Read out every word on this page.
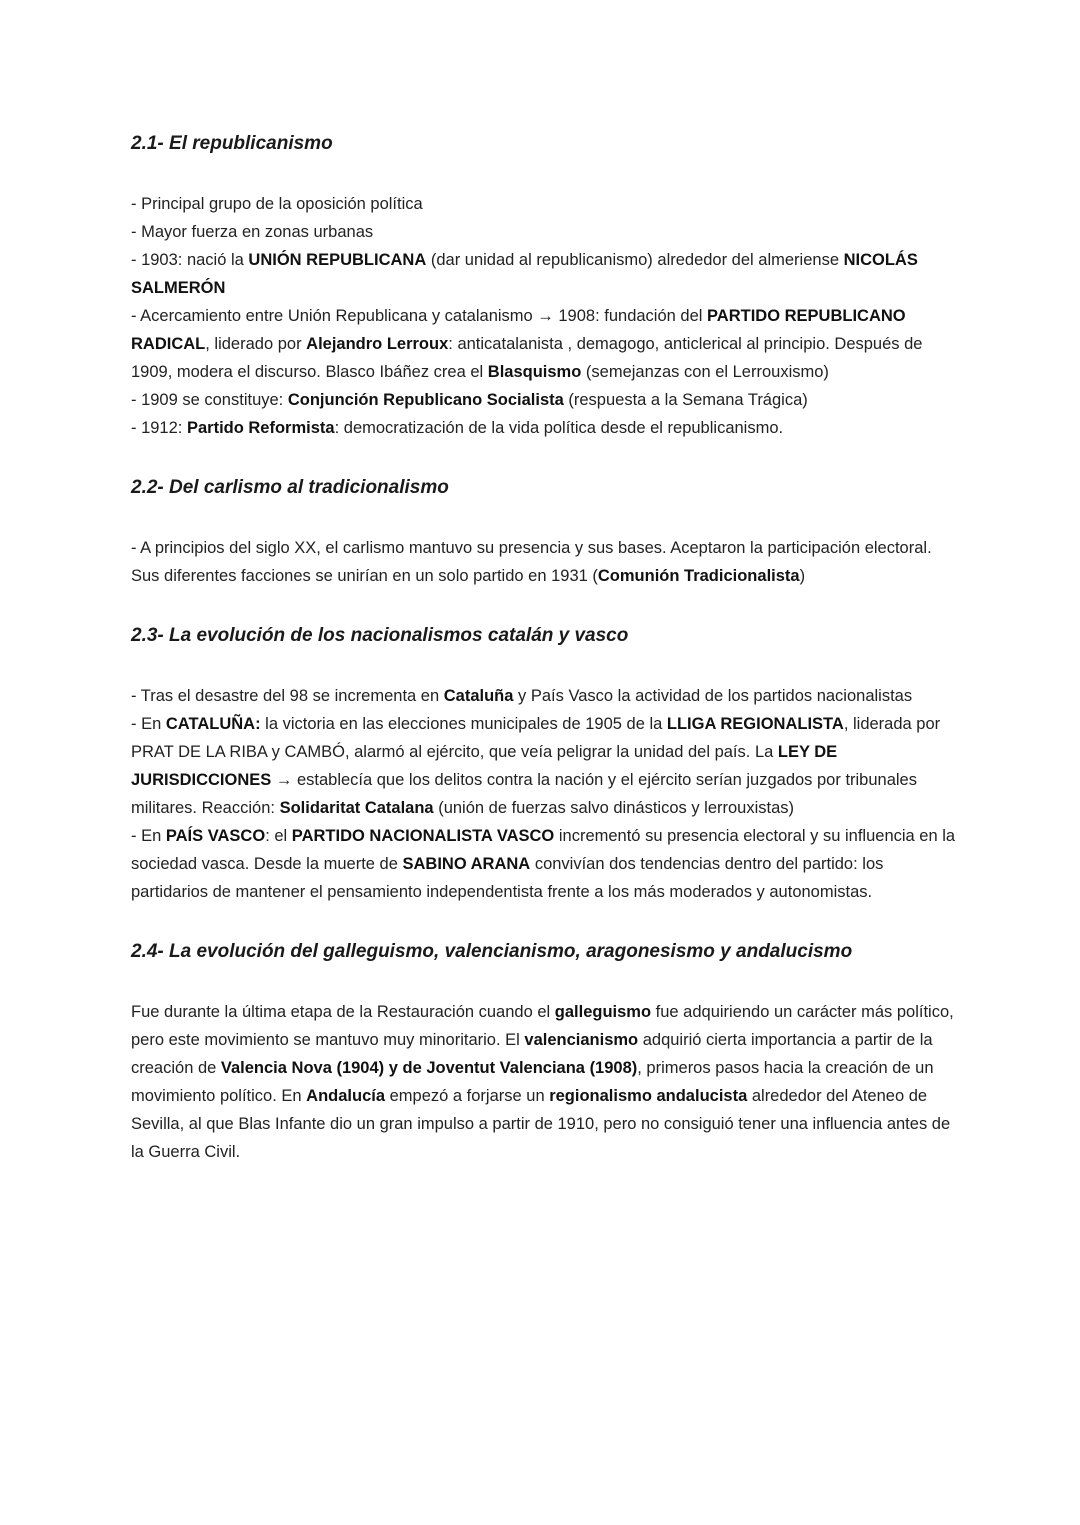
2.1- El republicanismo

- Principal grupo de la oposición política

- Mayor fuerza en zonas urbanas

- 1903: nació la UNIÓN REPUBLICANA (dar unidad al republicanismo) alrededor del almeriense NICOLÁS SALMERÓN

- Acercamiento entre Unión Republicana y catalanismo → 1908: fundación del PARTIDO REPUBLICANO RADICAL, liderado por Alejandro Lerroux: anticatalanista , demagogo, anticlerical al principio. Después de 1909, modera el discurso. Blasco Ibáñez crea el Blasquismo (semejanzas con el Lerrouxismo)

- 1909 se constituye: Conjunción Republicano Socialista (respuesta a la Semana Trágica)

- 1912: Partido Reformista: democratización de la vida política desde el republicanismo.

2.2- Del carlismo al tradicionalismo

- A principios del siglo XX, el carlismo mantuvo su presencia y sus bases. Aceptaron la participación electoral. Sus diferentes facciones se unirían en un solo partido en 1931 (Comunión Tradicionalista)

2.3- La evolución de los nacionalismos catalán y vasco

- Tras el desastre del 98 se incrementa en Cataluña y País Vasco la actividad de los partidos nacionalistas

- En CATALUÑA: la victoria en las elecciones municipales de 1905 de la LLIGA REGIONALISTA, liderada por PRAT DE LA RIBA y CAMBÓ, alarmó al ejército, que veía peligrar la unidad del país. La LEY DE JURISDICCIONES → establecía que los delitos contra la nación y el ejército serían juzgados por tribunales militares. Reacción: Solidaritat Catalana (unión de fuerzas salvo dinásticos y lerrouxistas)

- En PAÍS VASCO: el PARTIDO NACIONALISTA VASCO incrementó su presencia electoral y su influencia en la sociedad vasca. Desde la muerte de SABINO ARANA convivían dos tendencias dentro del partido: los partidarios de mantener el pensamiento independentista frente a los más moderados y autonomistas.

2.4- La evolución del galleguismo, valencianismo, aragonesismo y andalucismo

Fue durante la última etapa de la Restauración cuando el galleguismo fue adquiriendo un carácter más político, pero este movimiento se mantuvo muy minoritario. El valencianismo adquirió cierta importancia a partir de la creación de Valencia Nova (1904) y de Joventut Valenciana (1908), primeros pasos hacia la creación de un movimiento político. En Andalucía empezó a forjarse un regionalismo andalucista alrededor del Ateneo de Sevilla, al que Blas Infante dio un gran impulso a partir de 1910, pero no consiguió tener una influencia antes de la Guerra Civil.
